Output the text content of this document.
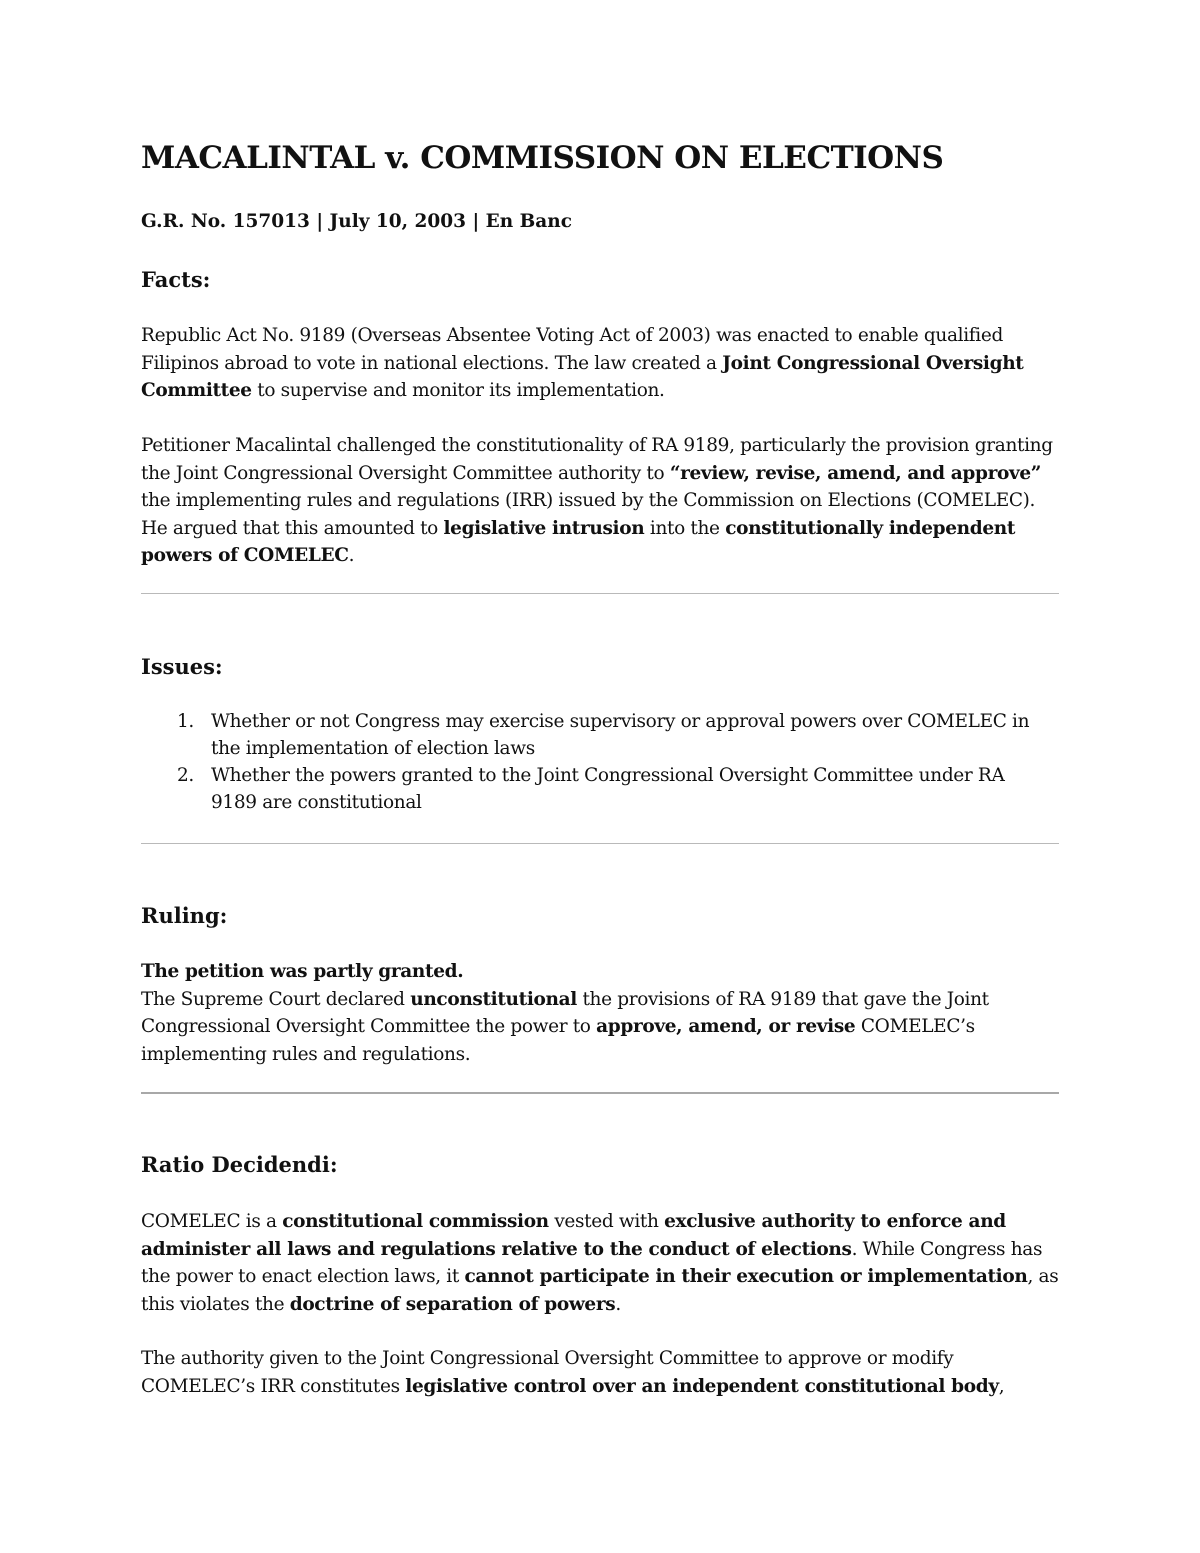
MACALINTAL v. COMMISSION ON ELECTIONS
G.R. No. 157013 | July 10, 2003 | En Banc
Facts:

Republic Act No. 9189 (Overseas Absentee Voting Act of 2003) was enacted to enable qualified Filipinos abroad to vote in national elections. The law created a Joint Congressional Oversight Committee to supervise and monitor its implementation.

Petitioner Macalintal challenged the constitutionality of RA 9189, particularly the provision granting the Joint Congressional Oversight Committee authority to “review, revise, amend, and approve” the implementing rules and regulations (IRR) issued by the Commission on Elections (COMELEC). He argued that this amounted to legislative intrusion into the constitutionally independent powers of COMELEC.

Issues:
1. Whether or not Congress may exercise supervisory or approval powers over COMELEC in the implementation of election laws
2. Whether the powers granted to the Joint Congressional Oversight Committee under RA 9189 are constitutional
Ruling:

The petition was partly granted.
The Supreme Court declared unconstitutional the provisions of RA 9189 that gave the Joint Congressional Oversight Committee the power to approve, amend, or revise COMELEC’s implementing rules and regulations.

Ratio Decidendi:

COMELEC is a constitutional commission vested with exclusive authority to enforce and administer all laws and regulations relative to the conduct of elections. While Congress has the power to enact election laws, it cannot participate in their execution or implementation, as this violates the doctrine of separation of powers.

The authority given to the Joint Congressional Oversight Committee to approve or modify COMELEC’s IRR constitutes legislative control over an independent constitutional body,
